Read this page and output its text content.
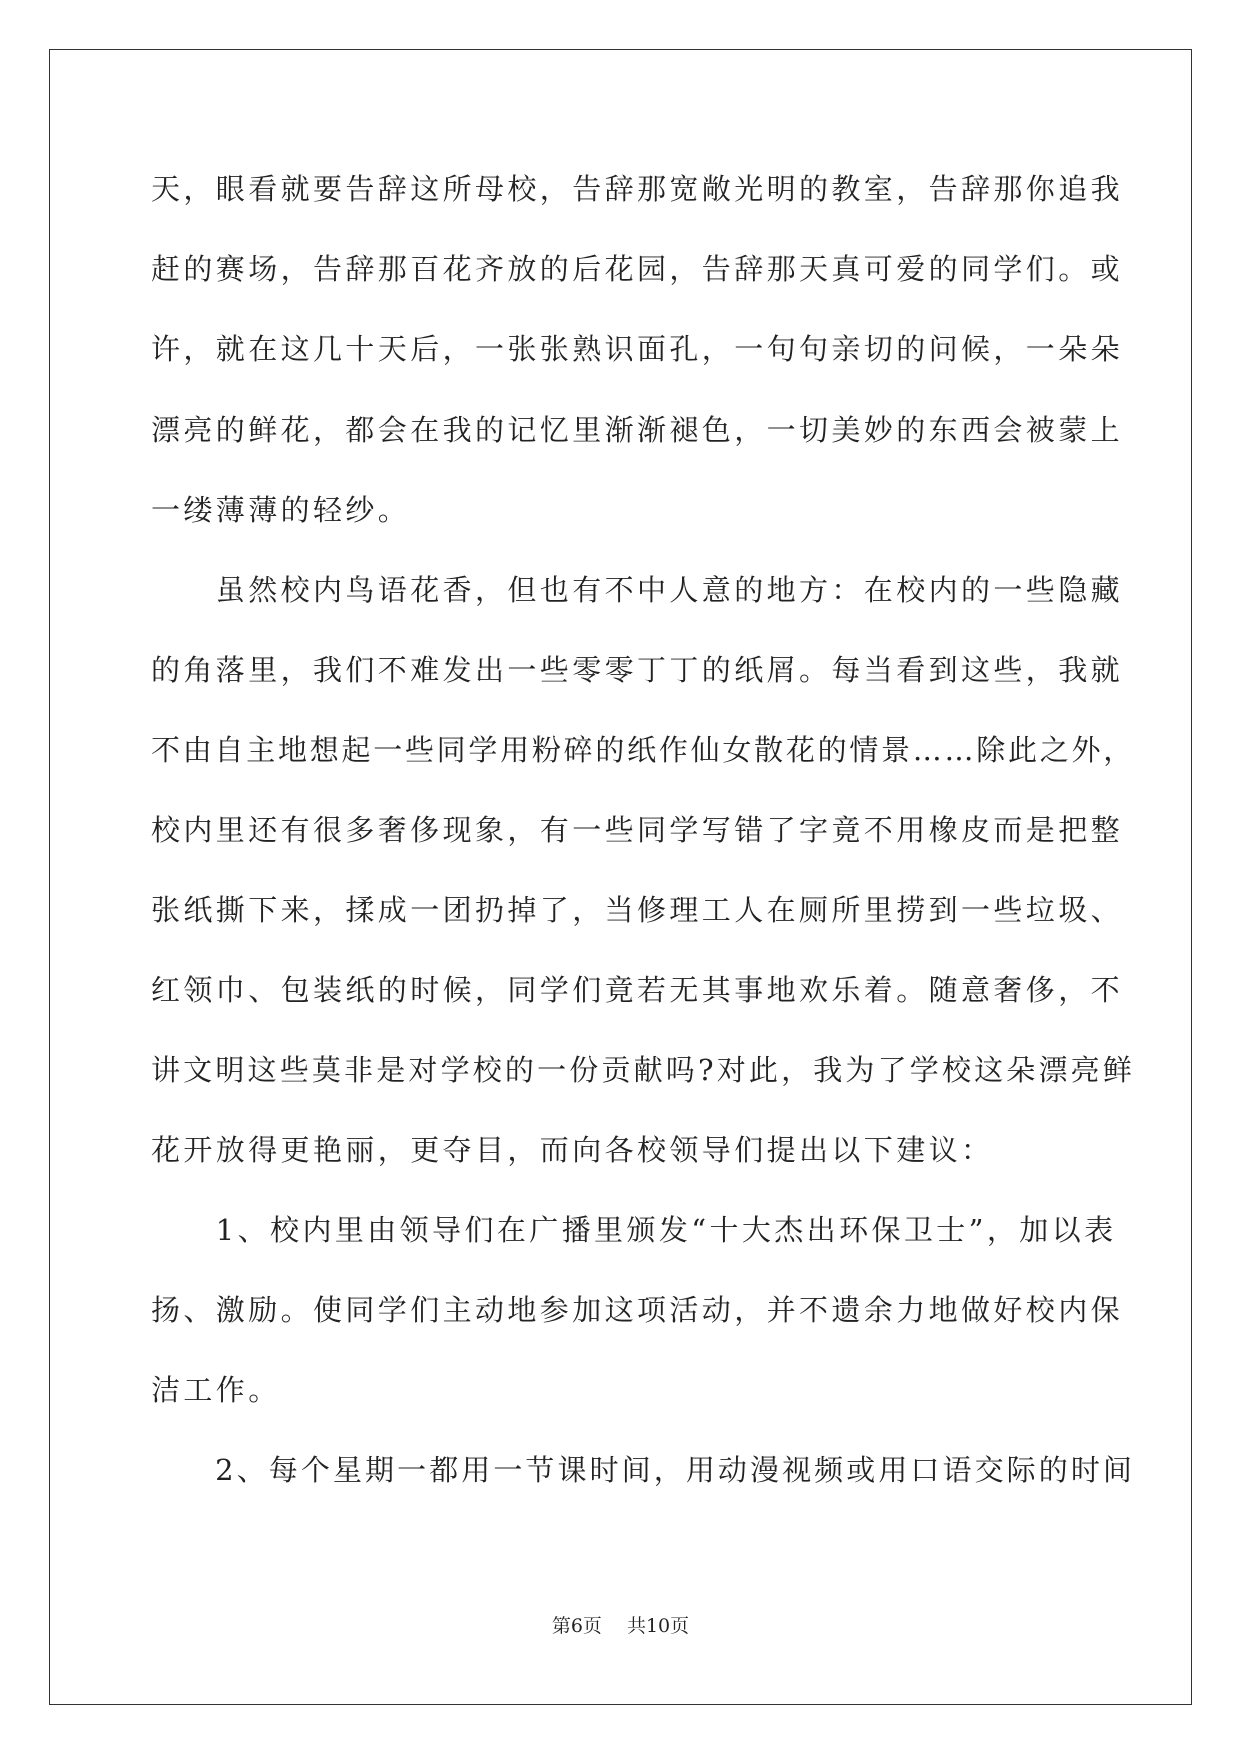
天，眼看就要告辞这所母校，告辞那宽敞光明的教室，告辞那你追我
赶的赛场，告辞那百花齐放的后花园，告辞那天真可爱的同学们。或
许，就在这几十天后，一张张熟识面孔，一句句亲切的问候，一朵朵
漂亮的鲜花，都会在我的记忆里渐渐褪色，一切美妙的东西会被蒙上
一缕薄薄的轻纱。
　　虽然校内鸟语花香，但也有不中人意的地方：在校内的一些隐藏
的角落里，我们不难发出一些零零丁丁的纸屑。每当看到这些，我就
不由自主地想起一些同学用粉碎的纸作仙女散花的情景……除此之外，
校内里还有很多奢侈现象，有一些同学写错了字竟不用橡皮而是把整
张纸撕下来，揉成一团扔掉了，当修理工人在厕所里捞到一些垃圾、
红领巾、包装纸的时候，同学们竟若无其事地欢乐着。随意奢侈，不
讲文明这些莫非是对学校的一份贡献吗?对此，我为了学校这朵漂亮鲜
花开放得更艳丽，更夺目，而向各校领导们提出以下建议：
　　1、校内里由领导们在广播里颁发“十大杰出环保卫士”，加以表
扬、激励。使同学们主动地参加这项活动，并不遗余力地做好校内保
洁工作。
　　2、每个星期一都用一节课时间，用动漫视频或用口语交际的时间
第6页　 共10页
